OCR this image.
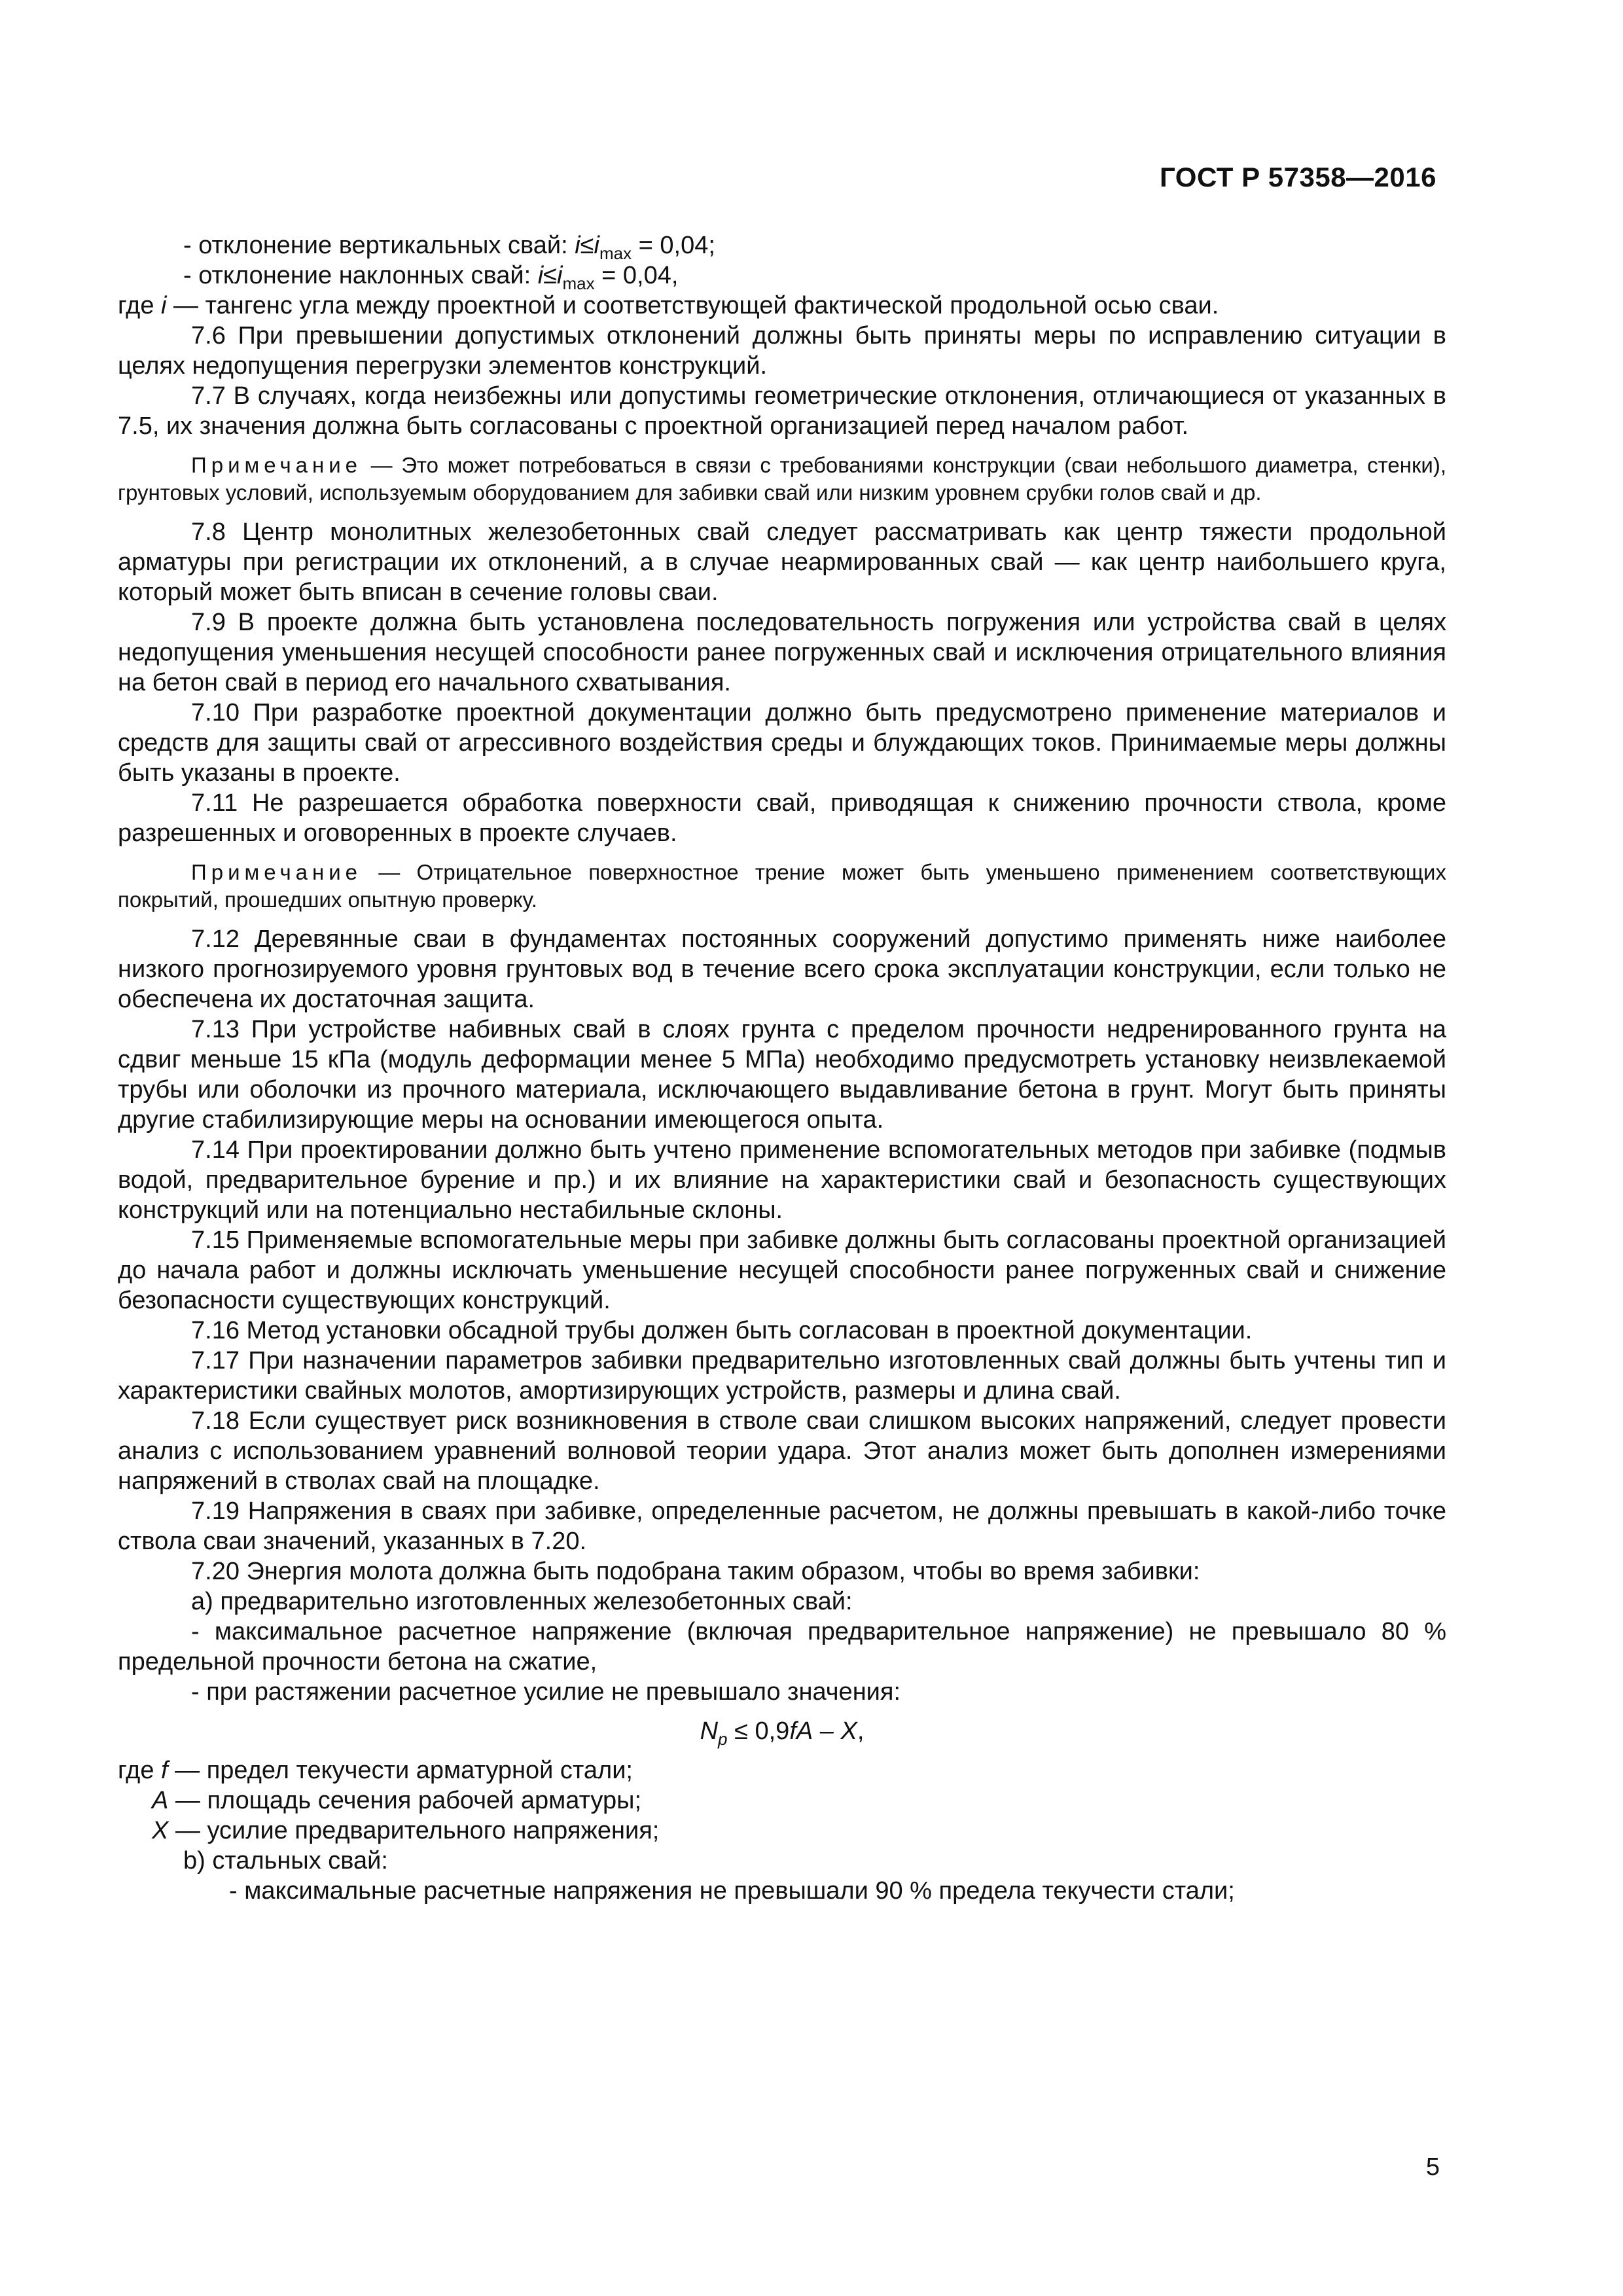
ГОСТ Р 57358—2016

- отклонение вертикальных свай: $i\le i_{max} = 0,04$;

- отклонение наклонных свай: $i\le i_{max} = 0,04$,

где i — тангенс угла между проектной и соответствующей фактической продольной осью сваи.

7.6 При превышении допустимых отклонений должны быть приняты меры по исправлению ситуации в целях недопущения перегрузки элементов конструкций.

7.7 В случаях, когда неизбежны или допустимы геометрические отклонения, отличающиеся от указанных в 7.5, их значения должна быть согласованы с проектной организацией перед началом работ.

Примечание — Это может потребоваться в связи с требованиями конструкции (сваи небольшого диаметра, стенки), грунтовых условий, используемым оборудованием для забивки свай или низким уровнем срубки голов свай и др.

7.8 Центр монолитных железобетонных свай следует рассматривать как центр тяжести продольной арматуры при регистрации их отклонений, а в случае неармированных свай — как центр наибольшего круга, который может быть вписан в сечение головы сваи.

7.9 В проекте должна быть установлена последовательность погружения или устройства свай в целях недопущения уменьшения несущей способности ранее погруженных свай и исключения отрицательного влияния на бетон свай в период его начального схватывания.

7.10 При разработке проектной документации должно быть предусмотрено применение материалов и средств для защиты свай от агрессивного воздействия среды и блуждающих токов. Принимаемые меры должны быть указаны в проекте.

7.11 Не разрешается обработка поверхности свай, приводящая к снижению прочности ствола, кроме разрешенных и оговоренных в проекте случаев.

Примечание — Отрицательное поверхностное трение может быть уменьшено применением соответствующих покрытий, прошедших опытную проверку.

7.12 Деревянные сваи в фундаментах постоянных сооружений допустимо применять ниже наиболее низкого прогнозируемого уровня грунтовых вод в течение всего срока эксплуатации конструкции, если только не обеспечена их достаточная защита.

7.13 При устройстве набивных свай в слоях грунта с пределом прочности недренированного грунта на сдвиг меньше 15 кПа (модуль деформации менее 5 МПа) необходимо предусмотреть установку неизвлекаемой трубы или оболочки из прочного материала, исключающего выдавливание бетона в грунт. Могут быть приняты другие стабилизирующие меры на основании имеющегося опыта.

7.14 При проектировании должно быть учтено применение вспомогательных методов при забивке (подмыв водой, предварительное бурение и пр.) и их влияние на характеристики свай и безопасность существующих конструкций или на потенциально нестабильные склоны.

7.15 Применяемые вспомогательные меры при забивке должны быть согласованы проектной организацией до начала работ и должны исключать уменьшение несущей способности ранее погруженных свай и снижение безопасности существующих конструкций.

7.16 Метод установки обсадной трубы должен быть согласован в проектной документации.

7.17 При назначении параметров забивки предварительно изготовленных свай должны быть учтены тип и характеристики свайных молотов, амортизирующих устройств, размеры и длина свай.

7.18 Если существует риск возникновения в стволе сваи слишком высоких напряжений, следует провести анализ с использованием уравнений волновой теории удара. Этот анализ может быть дополнен измерениями напряжений в стволах свай на площадке.

7.19 Напряжения в сваях при забивке, определенные расчетом, не должны превышать в какой-либо точке ствола сваи значений, указанных в 7.20.

7.20 Энергия молота должна быть подобрана таким образом, чтобы во время забивки:

a) предварительно изготовленных железобетонных свай:

- максимальное расчетное напряжение (включая предварительное напряжение) не превышало 80 % предельной прочности бетона на сжатие,

- при растяжении расчетное усилие не превышало значения:

$N_p \le 0,9fA - X$,

где f — предел текучести арматурной стали;

A — площадь сечения рабочей арматуры;

X — усилие предварительного напряжения;

b) стальных свай:

- максимальные расчетные напряжения не превышали 90 % предела текучести стали;

5
